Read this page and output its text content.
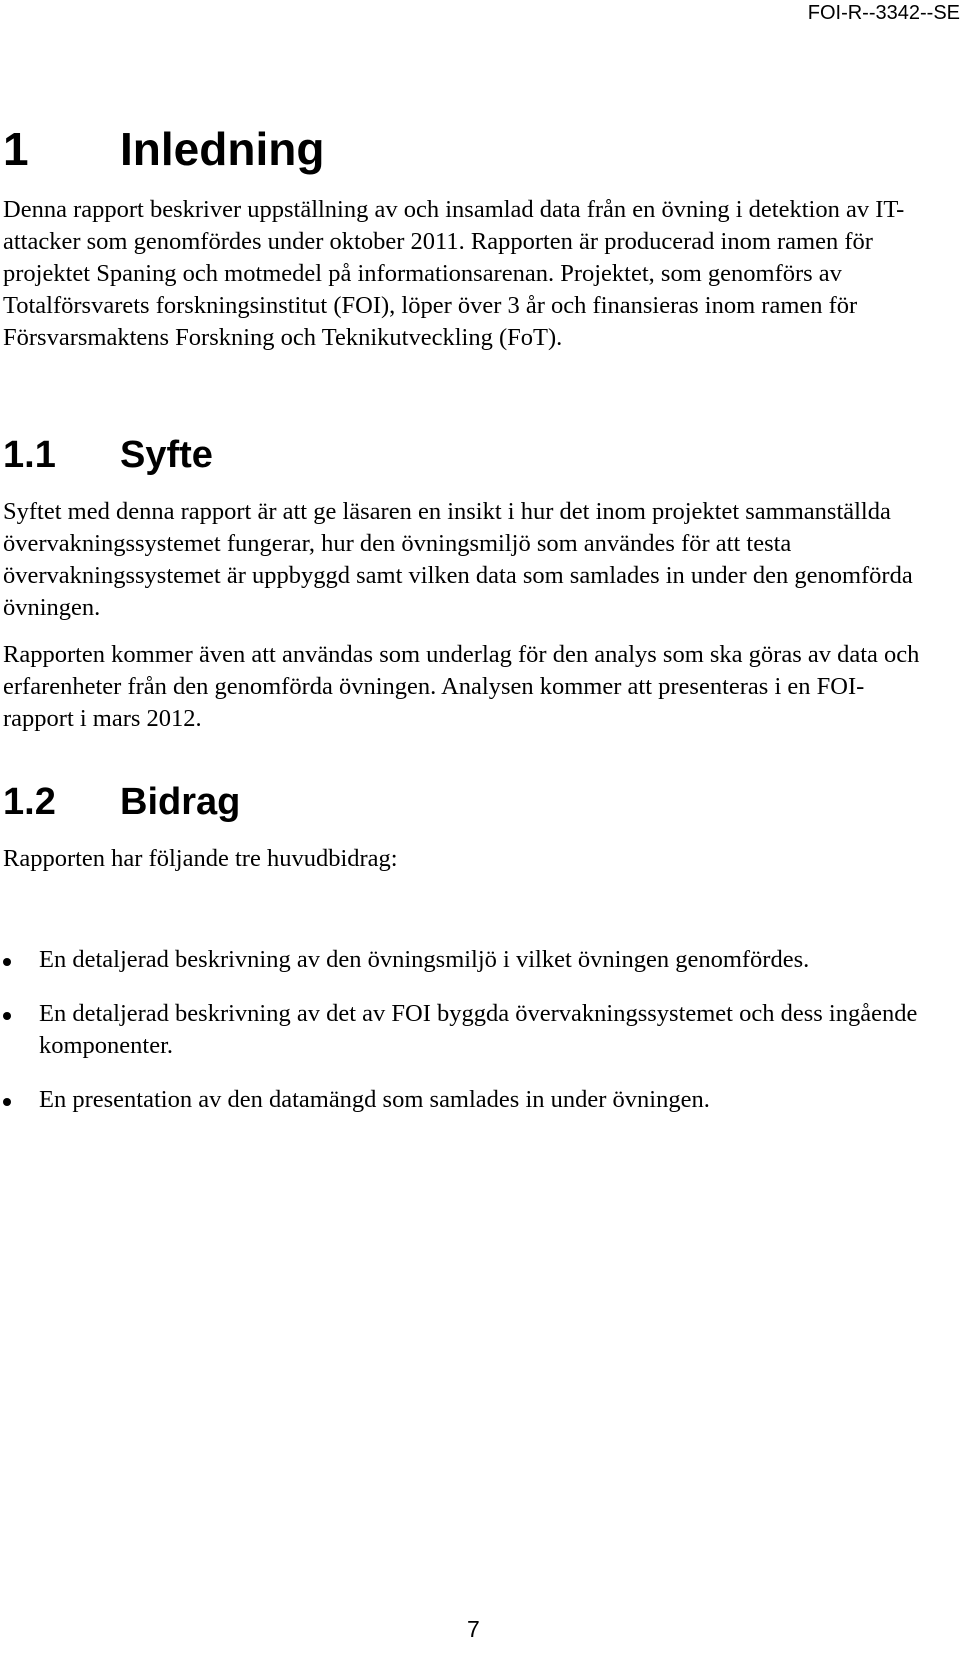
FOI-R--3342--SE
1 Inledning

Denna rapport beskriver uppställning av och insamlad data från en övning i detektion av IT-attacker som genomfördes under oktober 2011. Rapporten är producerad inom ramen för projektet Spaning och motmedel på informationsarenan. Projektet, som genomförs av Totalförsvarets forskningsinstitut (FOI), löper över 3 år och finansieras inom ramen för Försvarsmaktens Forskning och Teknikutveckling (FoT).

1.1 Syfte

Syftet med denna rapport är att ge läsaren en insikt i hur det inom projektet sammanställda övervakningssystemet fungerar, hur den övningsmiljö som användes för att testa övervakningssystemet är uppbyggd samt vilken data som samlades in under den genomförda övningen.

Rapporten kommer även att användas som underlag för den analys som ska göras av data och erfarenheter från den genomförda övningen. Analysen kommer att presenteras i en FOI-rapport i mars 2012.

1.2 Bidrag

Rapporten har följande tre huvudbidrag:

En detaljerad beskrivning av den övningsmiljö i vilket övningen genomfördes.
En detaljerad beskrivning av det av FOI byggda övervakningssystemet och dess ingående komponenter.
En presentation av den datamängd som samlades in under övningen.
7
